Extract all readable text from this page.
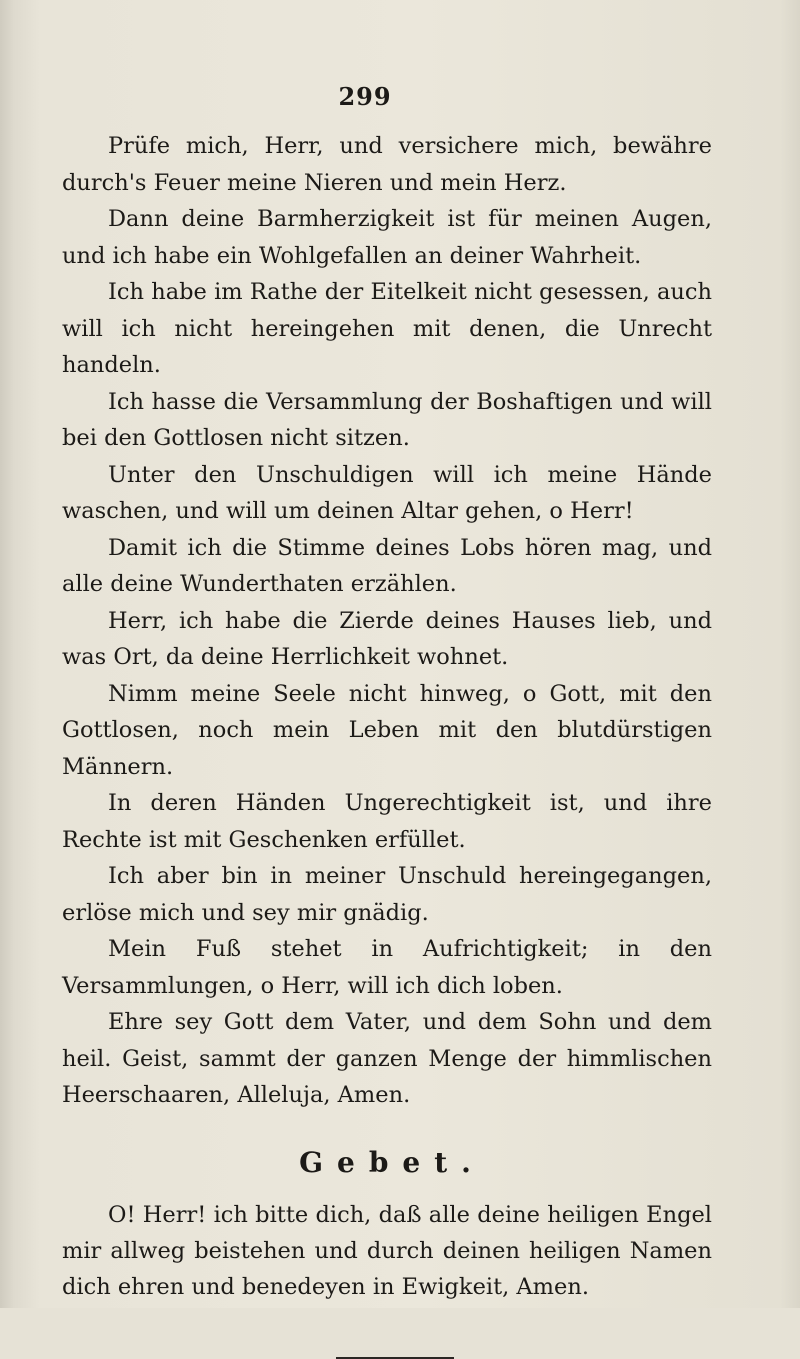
299

Prüfe mich, Herr, und versichere mich, bewähre durch's Feuer meine Nieren und mein Herz.

Dann deine Barmherzigkeit ist für meinen Augen, und ich habe ein Wohlgefallen an deiner Wahrheit.

Ich habe im Rathe der Eitelkeit nicht gesessen, auch will ich nicht hereingehen mit denen, die Unrecht handeln.

Ich hasse die Versammlung der Boshaftigen und will bei den Gottlosen nicht sitzen.

Unter den Unschuldigen will ich meine Hände waschen, und will um deinen Altar gehen, o Herr!

Damit ich die Stimme deines Lobs hören mag, und alle deine Wunderthaten erzählen.

Herr, ich habe die Zierde deines Hauses lieb, und was Ort, da deine Herrlichkeit wohnet.

Nimm meine Seele nicht hinweg, o Gott, mit den Gottlosen, noch mein Leben mit den blutdürstigen Männern.

In deren Händen Ungerechtigkeit ist, und ihre Rechte ist mit Geschenken erfüllet.

Ich aber bin in meiner Unschuld hereingegangen, erlöse mich und sey mir gnädig.

Mein Fuß stehet in Aufrichtigkeit; in den Versammlungen, o Herr, will ich dich loben.

Ehre sey Gott dem Vater, und dem Sohn und dem heil. Geist, sammt der ganzen Menge der himmlischen Heerschaaren, Alleluja, Amen.

Gebet.

O! Herr! ich bitte dich, daß alle deine heiligen Engel mir allweg beistehen und durch deinen heiligen Namen dich ehren und benedeyen in Ewigkeit, Amen.
